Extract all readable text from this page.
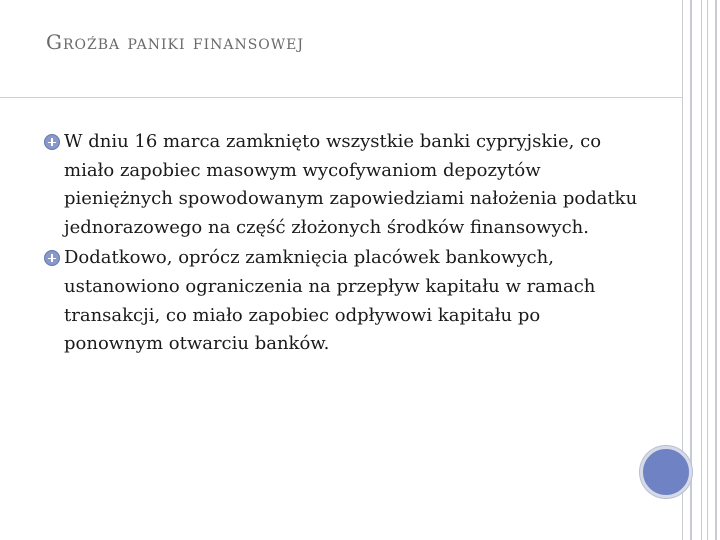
Groźba paniki finansowej
W dniu 16 marca zamknięto wszystkie banki cypryjskie, co miało zapobiec masowym wycofywaniom depozytów pieniężnych spowodowanym zapowiedziami nałożenia podatku jednorazowego na część złożonych środków finansowych.
Dodatkowo, oprócz zamknięcia placówek bankowych, ustanowiono ograniczenia na przepływ kapitału w ramach transakcji, co miało zapobiec odpływowi kapitału po ponownym otwarciu banków.
